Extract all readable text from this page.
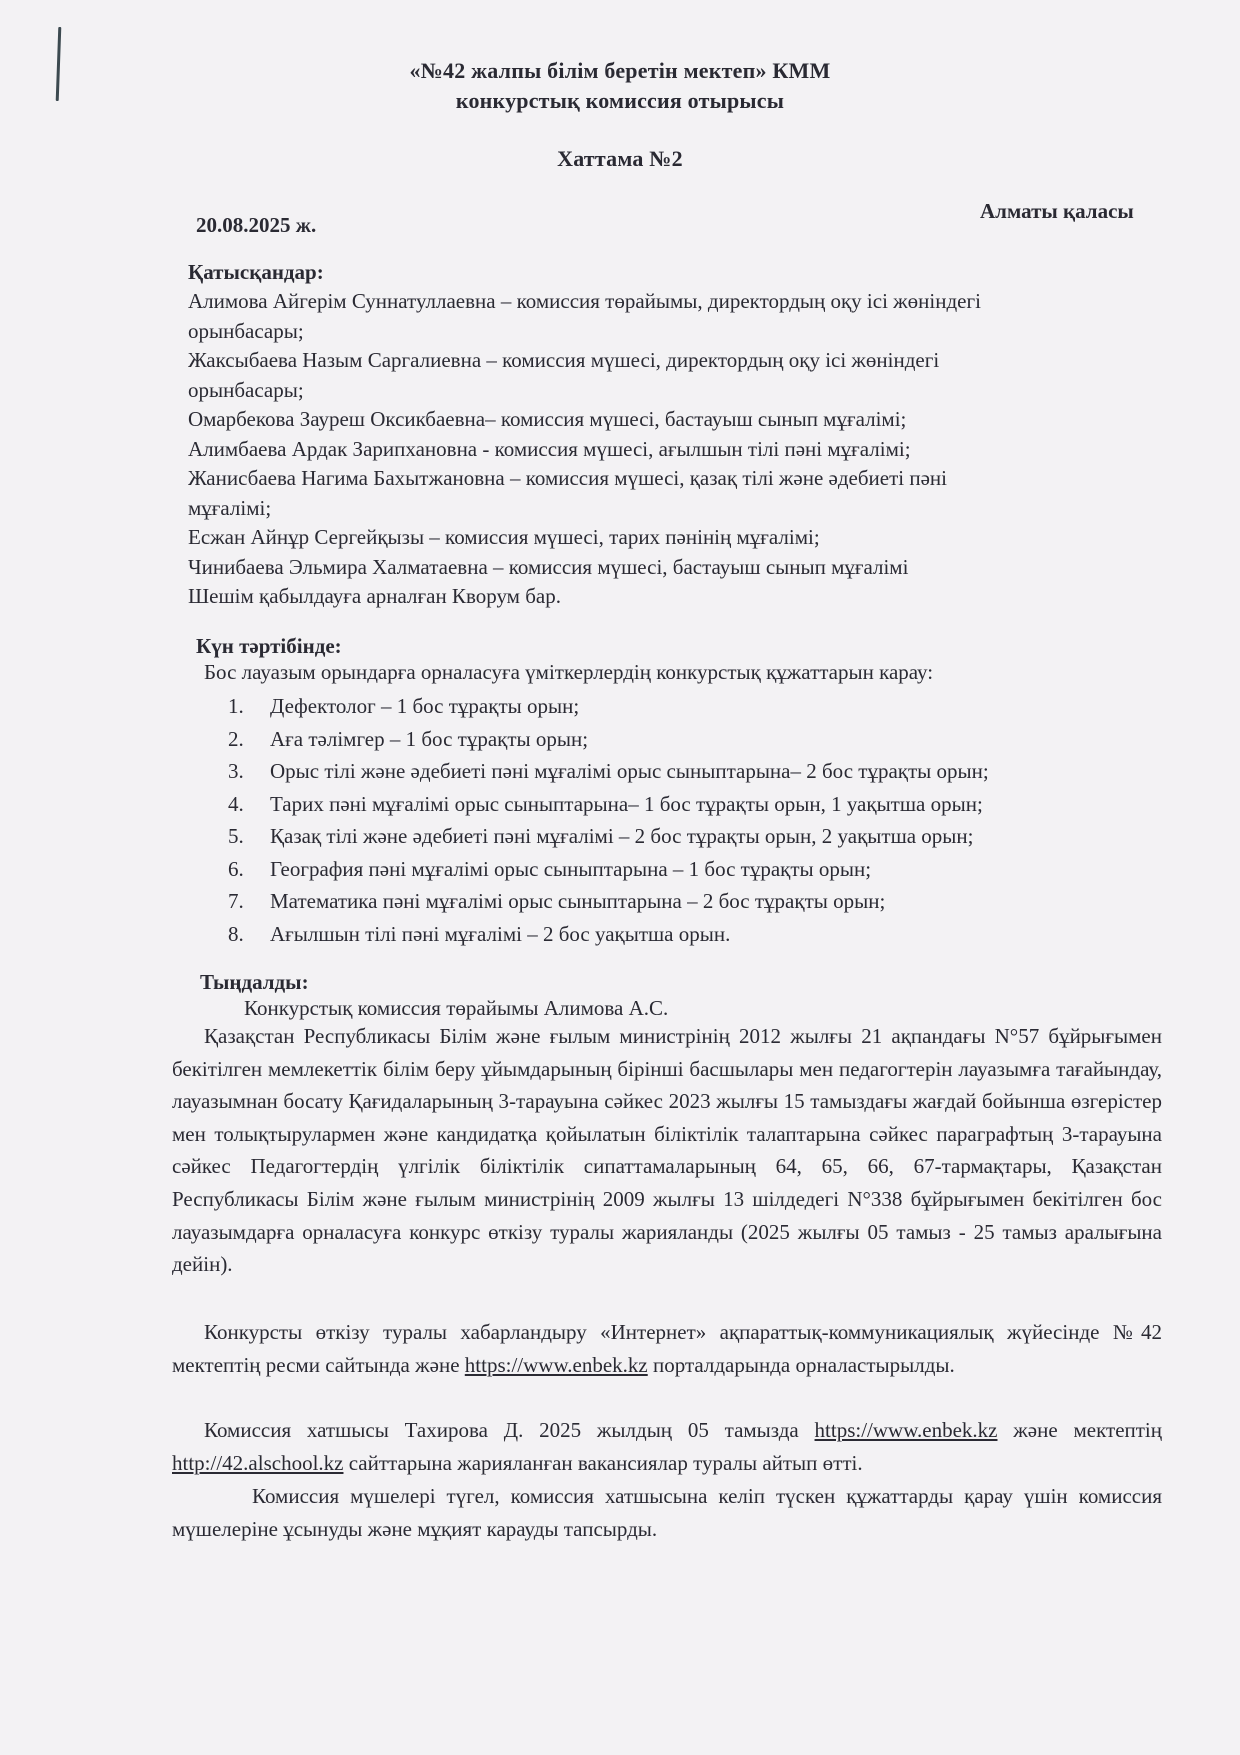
«№42 жалпы білім беретін мектеп» КММ
конкурстық комиссия отырысы
Хаттама №2
20.08.2025 ж.
Алматы қаласы
Қатысқандар:
Алимова Айгерім Суннатуллаевна – комиссия төрайымы, директордың оқу ісі жөніндегі
орынбасары;
Жаксыбаева Назым Саргалиевна – комиссия мүшесі, директордың оқу ісі жөніндегі
орынбасары;
Омарбекова Зауреш Оксикбаевна– комиссия мүшесі, бастауыш сынып мұғалімі;
Алимбаева Ардак Зарипхановна - комиссия мүшесі, ағылшын тілі пәні мұғалімі;
Жанисбаева Нагима Бахытжановна – комиссия мүшесі, қазақ тілі және әдебиеті пәні
мұғалімі;
Есжан Айнұр Сергейқызы – комиссия мүшесі, тарих пәнінің мұғалімі;
Чинибаева Эльмира Халматаевна – комиссия мүшесі, бастауыш сынып мұғалімі
Шешім қабылдауға арналған Кворум бар.
Күн тәртібінде:
Бос лауазым орындарға орналасуға үміткерлердің конкурстық құжаттарын карау:
1. Дефектолог – 1 бос тұрақты орын;
2. Аға тәлімгер – 1 бос тұрақты орын;
3. Орыс тілі және әдебиеті пәні мұғалімі орыс сыныптарына– 2 бос тұрақты орын;
4. Тарих пәні мұғалімі орыс сыныптарына– 1 бос тұрақты орын, 1 уақытша орын;
5. Қазақ тілі және әдебиеті пәні мұғалімі – 2 бос тұрақты орын, 2 уақытша орын;
6. География пәні мұғалімі орыс сыныптарына – 1 бос тұрақты орын;
7. Математика пәні мұғалімі орыс сыныптарына – 2 бос тұрақты орын;
8. Ағылшын тілі пәні мұғалімі – 2 бос уақытша орын.
Тыңдалды:
Конкурстық комиссия төрайымы Алимова А.С.
Қазақстан Республикасы Білім және ғылым министрінің 2012 жылғы 21 ақпандағы N°57 бұйрығымен бекітілген мемлекеттік білім беру ұйымдарының бірінші басшылары мен педагогтерін лауазымға тағайындау, лауазымнан босату Қағидаларының 3-тарауына сәйкес 2023 жылғы 15 тамыздағы жағдай бойынша өзгерістер мен толықтырулармен және кандидатқа қойылатын біліктілік талаптарына сәйкес параграфтың 3-тарауына сәйкес Педагогтердің үлгілік біліктілік сипаттамаларының 64, 65, 66, 67-тармақтары, Қазақстан Республикасы Білім және ғылым министрінің 2009 жылғы 13 шілдедегі N°338 бұйрығымен бекітілген бос лауазымдарға орналасуға конкурс өткізу туралы жарияланды (2025 жылғы 05 тамыз - 25 тамыз аралығына дейін).
Конкурсты өткізу туралы хабарландыру «Интернет» ақпараттық-коммуникациялық жүйесінде №42 мектептің ресми сайтында және https://www.enbek.kz порталдарында орналастырылды.
Комиссия хатшысы Тахирова Д. 2025 жылдың 05 тамызда https://www.enbek.kz және мектептің http://42.alschool.kz сайттарына жарияланған вакансиялар туралы айтып өтті.
Комиссия мүшелері түгел, комиссия хатшысына келіп түскен құжаттарды қарау үшін комиссия мүшелеріне ұсынуды және мұқият карауды тапсырды.
